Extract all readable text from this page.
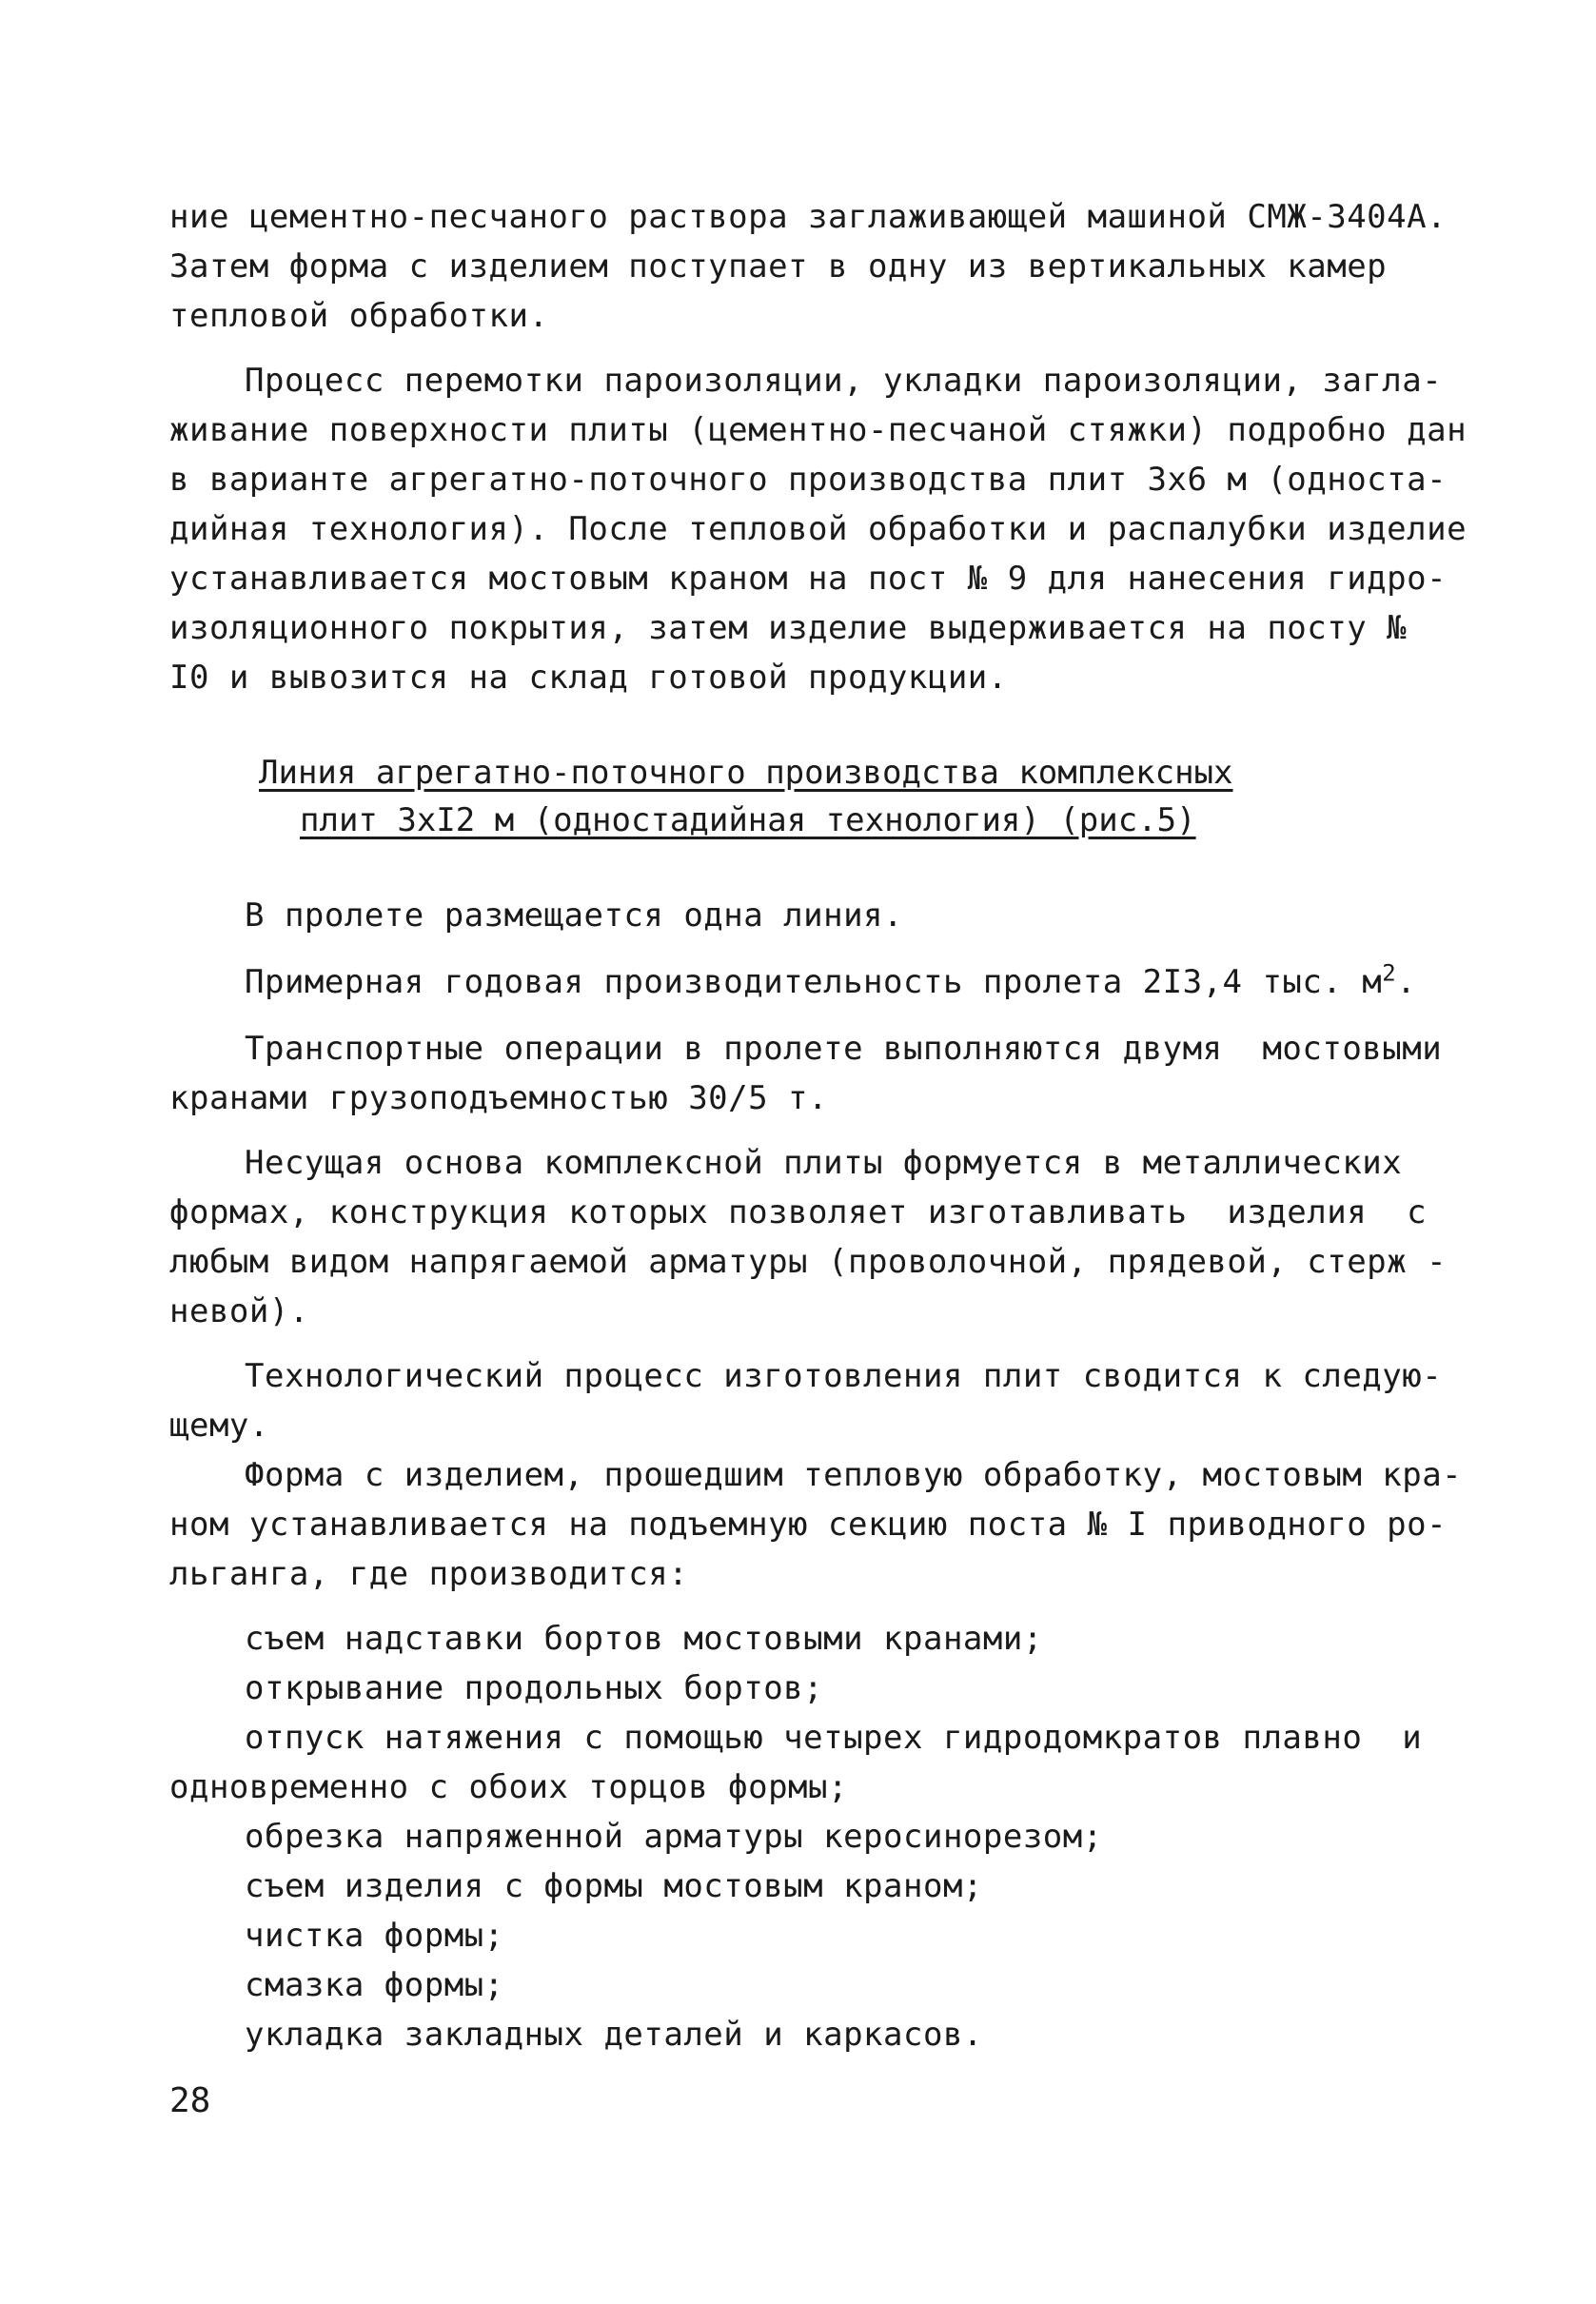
ние цементно-песчаного раствора заглаживающей машиной СМЖ-3404А.
Затем форма с изделием поступает в одну из вертикальных камер
тепловой обработки.
Процесс перемотки пароизоляции, укладки пароизоляции, загла-
живание поверхности плиты (цементно-песчаной стяжки) подробно дан
в варианте агрегатно-поточного производства плит 3x6 м (односта-
дийная технология). После тепловой обработки и распалубки изделие
устанавливается мостовым краном на пост № 9 для нанесения гидро-
изоляционного покрытия, затем изделие выдерживается на посту №
I0 и вывозится на склад готовой продукции.
Линия агрегатно-поточного производства комплексных
плит 3xI2 м (одностадийная технология) (рис.5)
В пролете размещается одна линия.
Примерная годовая производительность пролета 2I3,4 тыс. $м^2$.
Транспортные операции в пролете выполняются двумя  мостовыми
кранами грузоподъемностью 30/5 т.
Несущая основа комплексной плиты формуется в металлических
формах, конструкция которых позволяет изготавливать  изделия  с
любым видом напрягаемой арматуры (проволочной, прядевой, стерж -
невой).
Технологический процесс изготовления плит сводится к следую-
щему.
Форма с изделием, прошедшим тепловую обработку, мостовым кра-
ном устанавливается на подъемную секцию поста № I приводного ро-
льганга, где производится:
съем надставки бортов мостовыми кранами;
открывание продольных бортов;
отпуск натяжения с помощью четырех гидродомкратов плавно  и
одновременно с обоих торцов формы;
обрезка напряженной арматуры керосинорезом;
съем изделия с формы мостовым краном;
чистка формы;
смазка формы;
укладка закладных деталей и каркасов.
28
